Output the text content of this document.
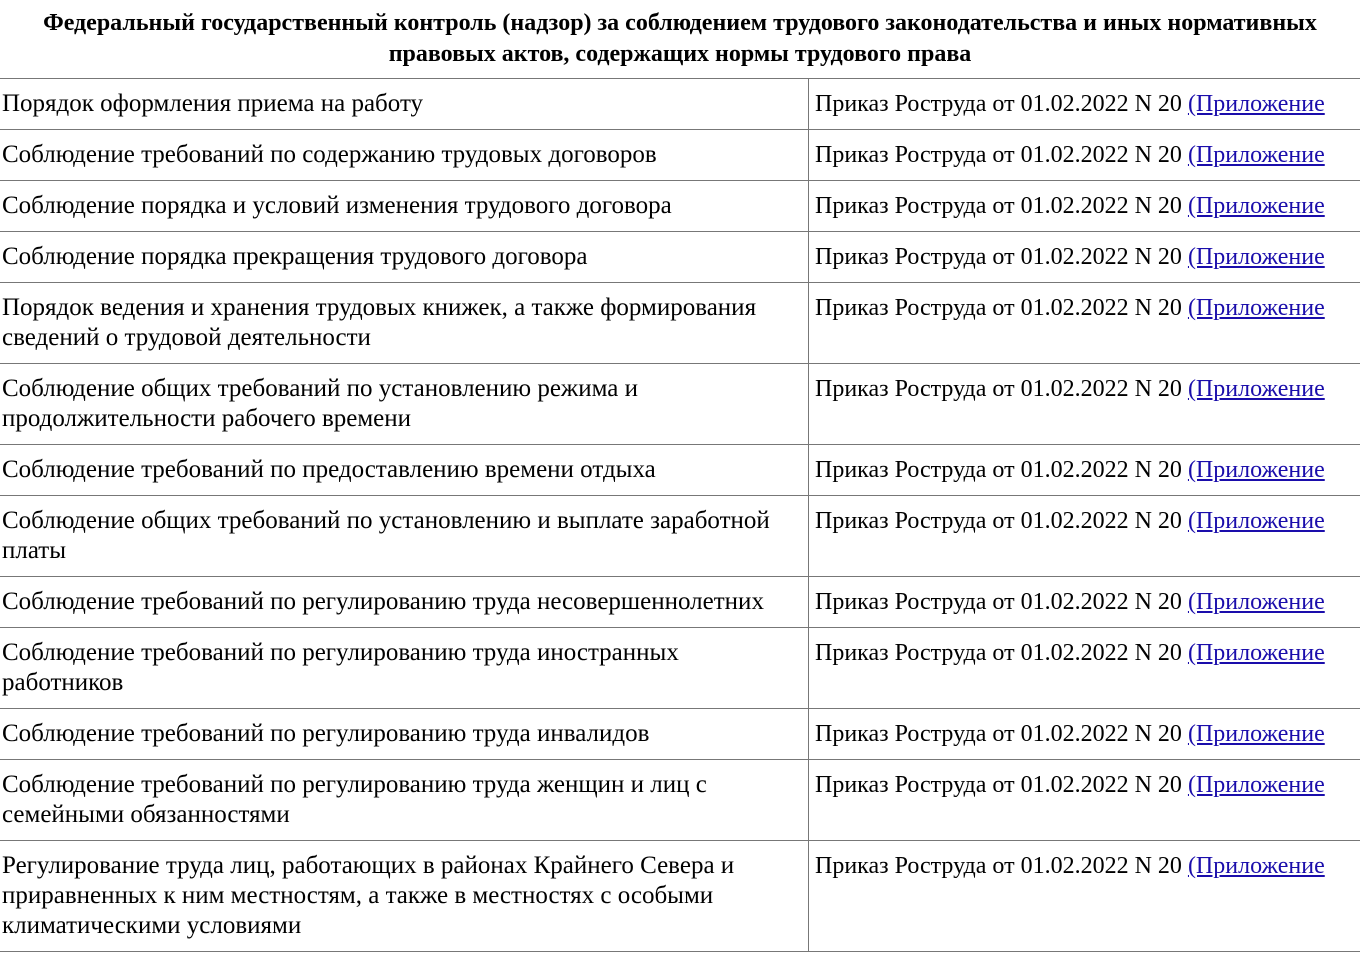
Федеральный государственный контроль (надзор) за соблюдением трудового законодательства и иных нормативных правовых актов, содержащих нормы трудового права
Порядок оформления приема на работу	Приказ Роструда от 01.02.2022 N 20 (Приложение
Соблюдение требований по содержанию трудовых договоров	Приказ Роструда от 01.02.2022 N 20 (Приложение
Соблюдение порядка и условий изменения трудового договора	Приказ Роструда от 01.02.2022 N 20 (Приложение
Соблюдение порядка прекращения трудового договора	Приказ Роструда от 01.02.2022 N 20 (Приложение
Порядок ведения и хранения трудовых книжек, а также формирования сведений о трудовой деятельности	Приказ Роструда от 01.02.2022 N 20 (Приложение
Соблюдение общих требований по установлению режима и продолжительности рабочего времени	Приказ Роструда от 01.02.2022 N 20 (Приложение
Соблюдение требований по предоставлению времени отдыха	Приказ Роструда от 01.02.2022 N 20 (Приложение
Соблюдение общих требований по установлению и выплате заработной платы	Приказ Роструда от 01.02.2022 N 20 (Приложение
Соблюдение требований по регулированию труда несовершеннолетних	Приказ Роструда от 01.02.2022 N 20 (Приложение
Соблюдение требований по регулированию труда иностранных работников	Приказ Роструда от 01.02.2022 N 20 (Приложение
Соблюдение требований по регулированию труда инвалидов	Приказ Роструда от 01.02.2022 N 20 (Приложение
Соблюдение требований по регулированию труда женщин и лиц с семейными обязанностями	Приказ Роструда от 01.02.2022 N 20 (Приложение
Регулирование труда лиц, работающих в районах Крайнего Севера и приравненных к ним местностям, а также в местностях с особыми климатическими условиями	Приказ Роструда от 01.02.2022 N 20 (Приложение
